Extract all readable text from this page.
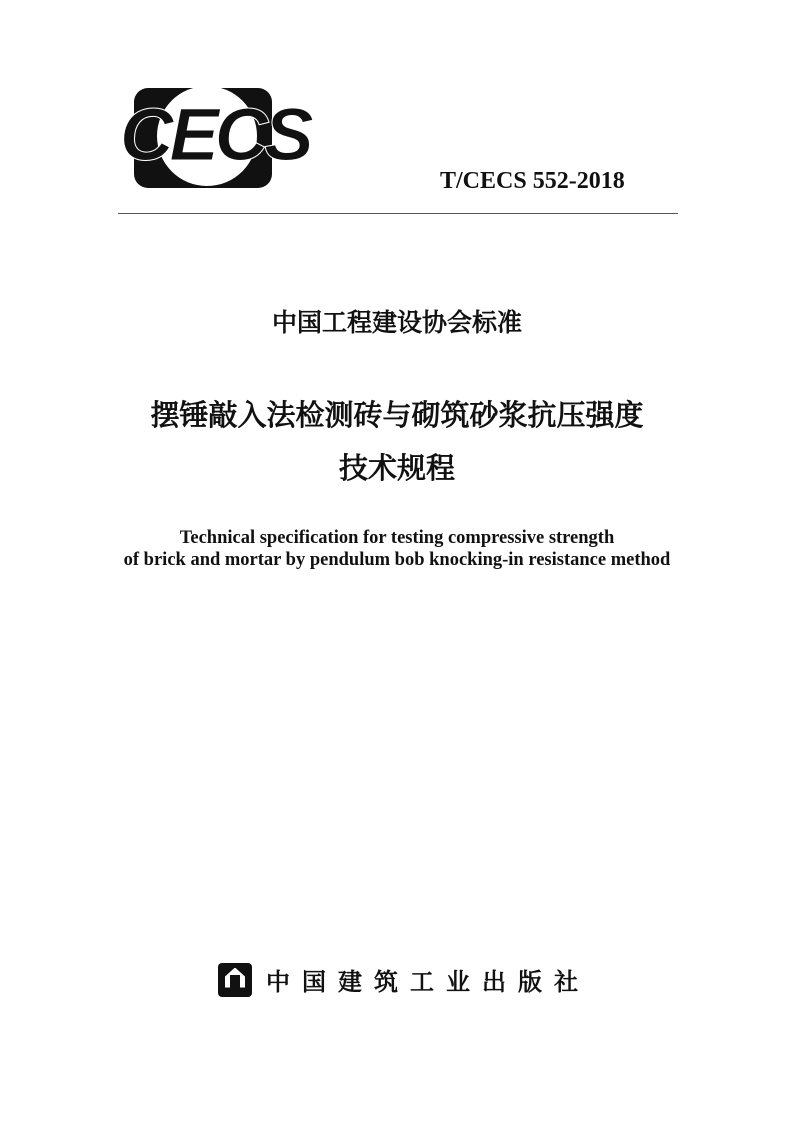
CECS
T/CECS 552-2018
中国工程建设协会标准
摆锤敲入法检测砖与砌筑砂浆抗压强度
技术规程
Technical specification for testing compressive strength
of brick and mortar by pendulum bob knocking-in resistance method
中国建筑工业出版社
